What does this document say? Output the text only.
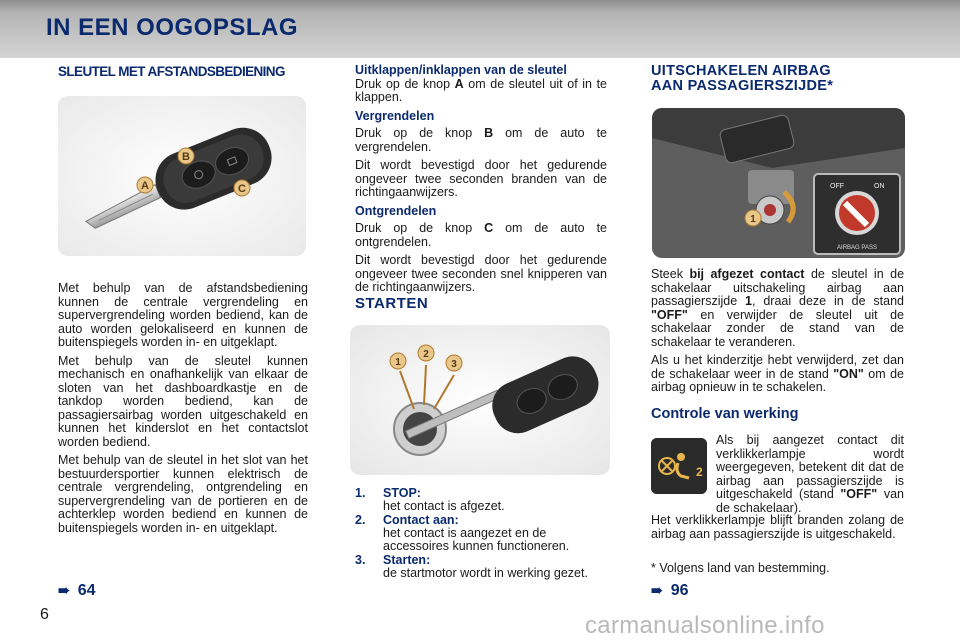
IN EEN OOGOPSLAG
SLEUTEL MET AFSTANDSBEDIENING
A
B
C

Met behulp van de afstandsbediening kunnen de centrale vergrendeling en supervergrendeling worden bediend, kan de auto worden gelokaliseerd en kunnen de buitenspiegels worden in- en uitgeklapt.

Met behulp van de sleutel kunnen mechanisch en onafhankelijk van elkaar de sloten van het dashboardkastje en de tankdop worden bediend, kan de passagiersairbag worden uitgeschakeld en kunnen het kinderslot en het contactslot worden bediend.

Met behulp van de sleutel in het slot van het bestuurdersportier kunnen elektrisch de centrale vergrendeling, ontgrendeling en supervergrendeling van de portieren en de achterklep worden bediend en kunnen de buitenspiegels worden in- en uitgeklapt.

➠ 64
Uitklappen/inklappen van de sleutel

Druk op de knop A om de sleutel uit of in te klappen.

Vergrendelen

Druk op de knop B om de auto te vergrendelen.

Dit wordt bevestigd door het gedurende ongeveer twee seconden branden van de richtingaanwijzers.

Ontgrendelen

Druk op de knop C om de auto te ontgrendelen.

Dit wordt bevestigd door het gedurende ongeveer twee seconden snel knipperen van de richtingaanwijzers.

STARTEN
1
2
3
1.	STOP:
het contact is afgezet.
2.	Contact aan:
het contact is aangezet en de accessoires kunnen functioneren.
3.	Starten:
de startmotor wordt in werking gezet.
UITSCHAKELEN AIRBAG
AAN PASSAGIERSZIJDE*
1
OFF	ON
AIRBAG PASS

Steek bij afgezet contact de sleutel in de schakelaar uitschakeling airbag aan passagierszijde 1, draai deze in de stand "OFF" en verwijder de sleutel uit de schakelaar zonder de stand van de schakelaar te veranderen.

Als u het kinderzitje hebt verwijderd, zet dan de schakelaar weer in de stand "ON" om de airbag opnieuw in te schakelen.

Controle van werking
2

Als bij aangezet contact dit verklikkerlampje wordt weergegeven, betekent dit dat de airbag aan passagierszijde is uitgeschakeld (stand "OFF" van de schakelaar).

Het verklikkerlampje blijft branden zolang de airbag aan passagierszijde is uitgeschakeld.

* Volgens land van bestemming.
➠ 96
6	carmanualsonline.info
